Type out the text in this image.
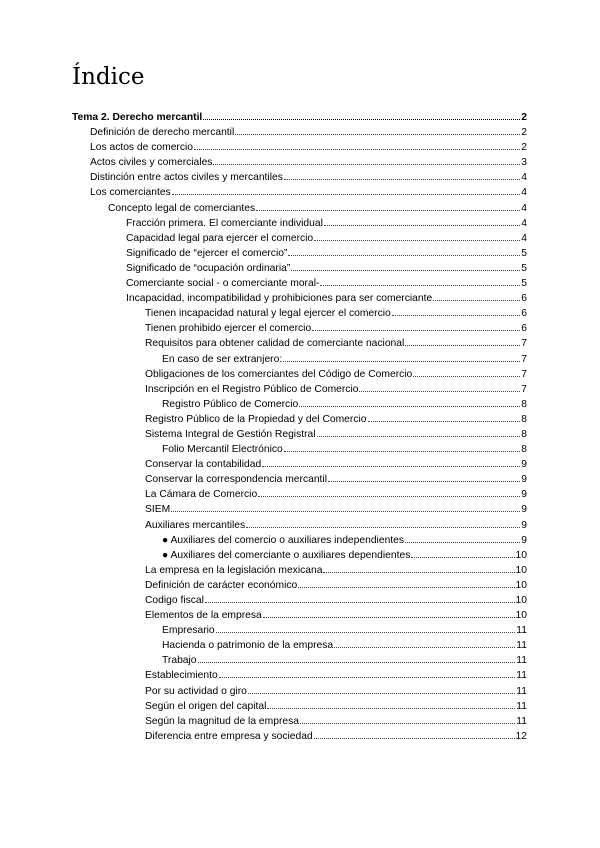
Índice
Tema 2. Derecho mercantil	2
Definición de derecho mercantil	2
Los actos de comercio	2
Actos civiles y comerciales	3
Distinción entre actos civiles y mercantiles	4
Los comerciantes	4
Concepto legal de comerciantes	4
Fracción primera. El comerciante individual	4
Capacidad legal para ejercer el comercio	4
Significado de “ejercer el comercio”	5
Significado de “ocupación ordinaria”	5
Comerciante social - o comerciante moral-	5
Incapacidad, incompatibilidad y prohibiciones para ser comerciante	6
Tienen incapacidad natural y legal ejercer el comercio	6
Tienen prohibido ejercer el comercio	6
Requisitos para obtener calidad de comerciante nacional	7
En caso de ser extranjero:	7
Obligaciones de los comerciantes del Código de Comercio	7
Inscripción en el Registro Público de Comercio	7
Registro Público de Comercio	8
Registro Público de la Propiedad y del Comercio	8
Sistema Integral de Gestión Registral	8
Folio Mercantil Electrónico	8
Conservar la contabilidad	9
Conservar la correspondencia mercantil	9
La Cámara de Comercio	9
SIEM	9
Auxiliares mercantiles	9
● Auxiliares del comercio o auxiliares independientes	9
● Auxiliares del comerciante o auxiliares dependientes	10
La empresa en la legislación mexicana	10
Definición de carácter económico	10
Codigo fiscal	10
Elementos de la empresa	10
Empresario	11
Hacienda o patrimonio de la empresa	11
Trabajo	11
Establecimiento	11
Por su actividad o giro	11
Según el origen del capital	11
Según la magnitud de la empresa	11
Diferencia entre empresa y sociedad	12
